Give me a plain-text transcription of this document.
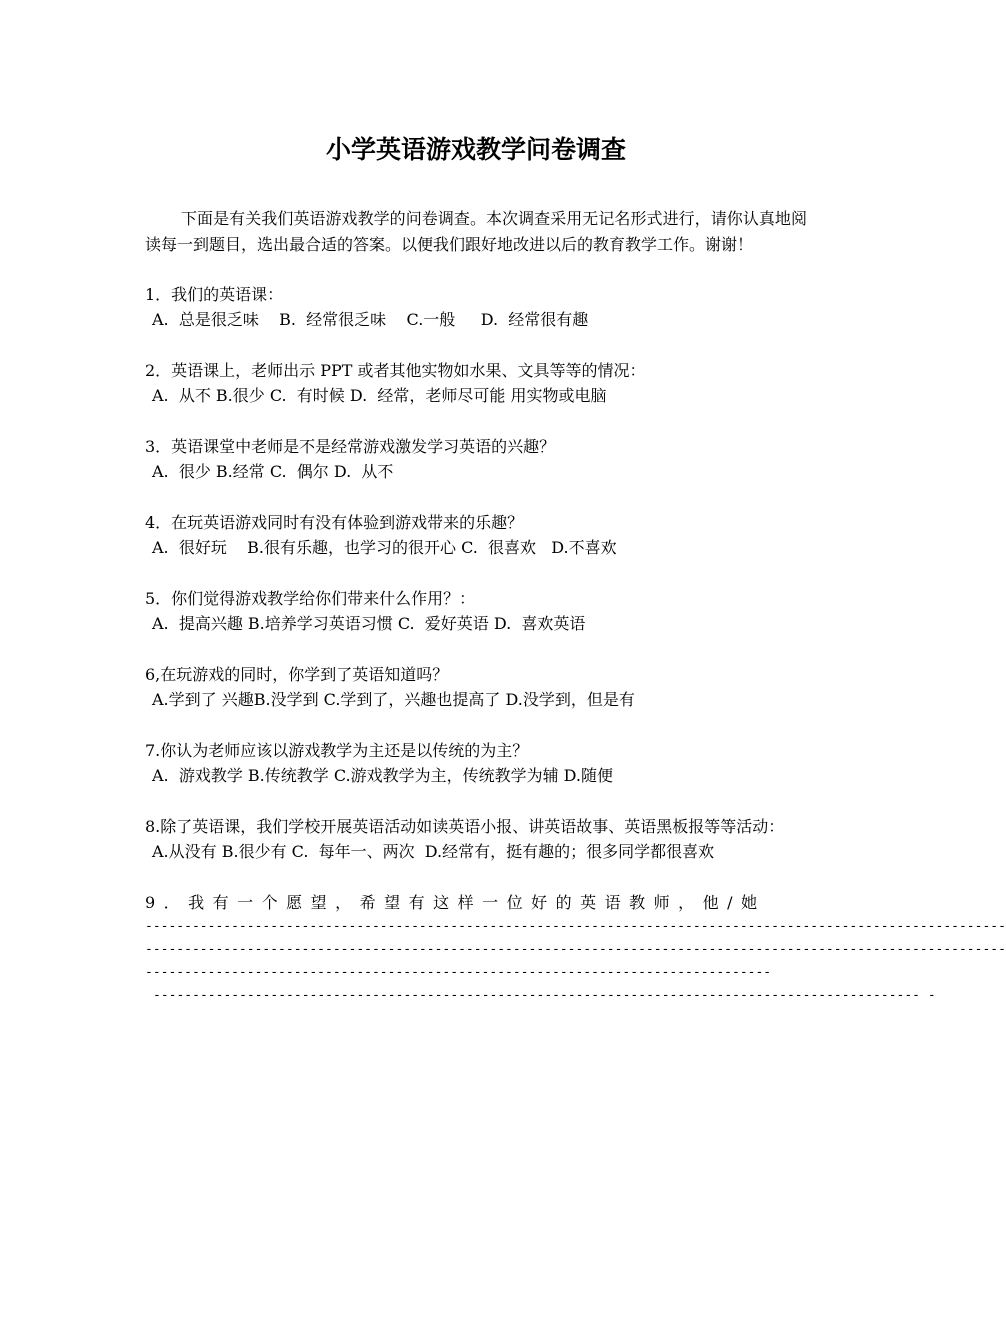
小学英语游戏教学问卷调查

下面是有关我们英语游戏教学的问卷调查。本次调查采用无记名形式进行，请你认真地阅读每一到题目，选出最合适的答案。以便我们跟好地改进以后的教育教学工作。谢谢！

1．我们的英语课：
A.  总是很乏味    B.  经常很乏味    C.一般     D.  经常很有趣
2．英语课上，老师出示 PPT 或者其他实物如水果、文具等等的情况：
A.  从不 B.很少 C.  有时候 D.  经常，老师尽可能 用实物或电脑
3．英语课堂中老师是不是经常游戏激发学习英语的兴趣？
A.  很少 B.经常 C.  偶尔 D.  从不
4．在玩英语游戏同时有没有体验到游戏带来的乐趣？
A.  很好玩    B.很有乐趣，也学习的很开心 C.  很喜欢   D.不喜欢
5．你们觉得游戏教学给你们带来什么作用？：
A.  提高兴趣 B.培养学习英语习惯 C.  爱好英语 D.  喜欢英语
6,在玩游戏的同时，你学到了英语知道吗？
A.学到了 兴趣B.没学到 C.学到了，兴趣也提高了 D.没学到，但是有
7.你认为老师应该以游戏教学为主还是以传统的为主？
A.  游戏教学 B.传统教学 C.游戏教学为主，传统教学为辅 D.随便
8.除了英语课，我们学校开展英语活动如读英语小报、讲英语故事、英语黑板报等等活动：
A.从没有 B.很少有 C.  每年一、两次  D.经常有，挺有趣的；很多同学都很喜欢
9．我有一个愿望，希望有这样一位好的英语教师，他/她
--------------------------------------------------------------------------------------------------------------
--------------------------------------------------------------------------------------------------------------
--------------------------------------------------------------------------------
-------------------------------------------------------------------------------------------------- -
